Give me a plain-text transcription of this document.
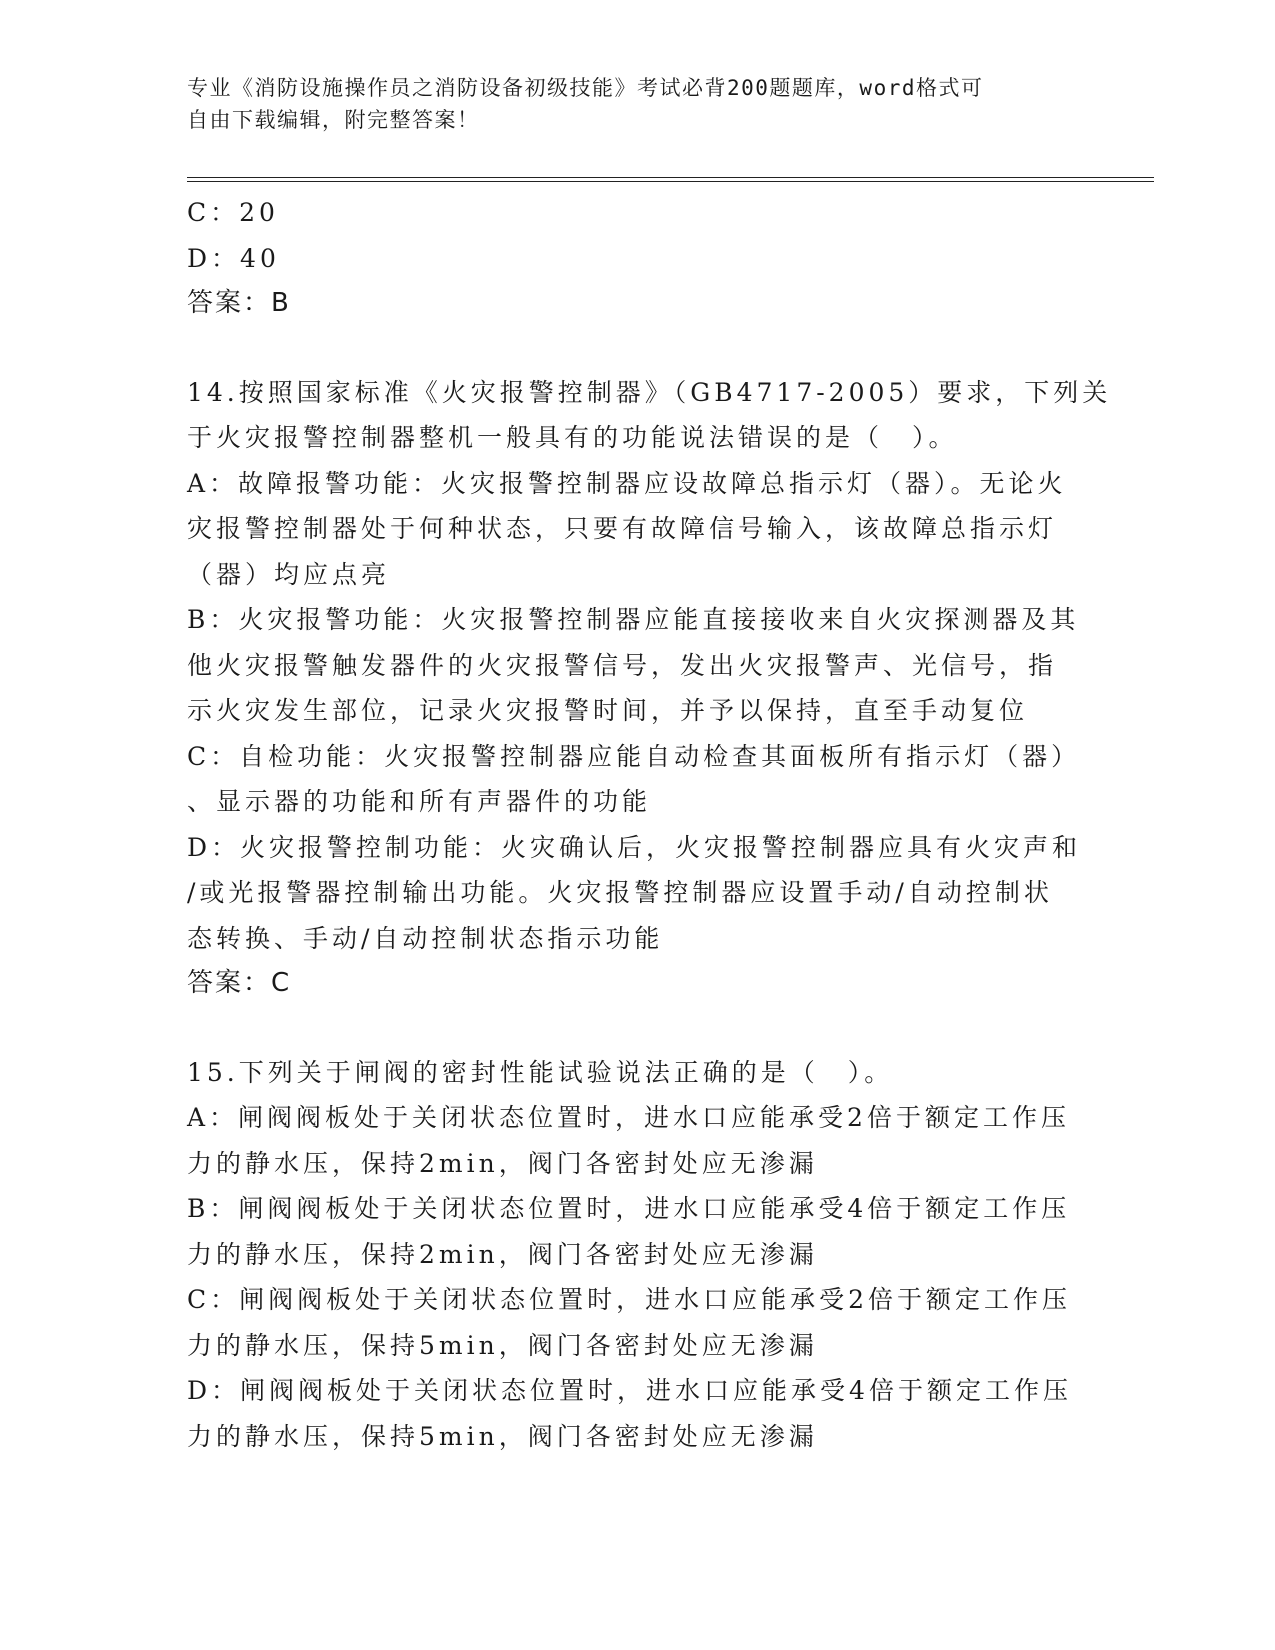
专业《消防设施操作员之消防设备初级技能》考试必背200题题库，word格式可
自由下载编辑，附完整答案！
C：20
D：40
答案：B
14.按照国家标准《火灾报警控制器》（GB4717-2005）要求，下列关
于火灾报警控制器整机一般具有的功能说法错误的是（　）。
A：故障报警功能：火灾报警控制器应设故障总指示灯（器）。无论火
灾报警控制器处于何种状态，只要有故障信号输入，该故障总指示灯
（器）均应点亮
B：火灾报警功能：火灾报警控制器应能直接接收来自火灾探测器及其
他火灾报警触发器件的火灾报警信号，发出火灾报警声、光信号，指
示火灾发生部位，记录火灾报警时间，并予以保持，直至手动复位
C：自检功能：火灾报警控制器应能自动检查其面板所有指示灯（器）
、显示器的功能和所有声器件的功能
D：火灾报警控制功能：火灾确认后，火灾报警控制器应具有火灾声和
/或光报警器控制输出功能。火灾报警控制器应设置手动/自动控制状
态转换、手动/自动控制状态指示功能
答案：C
15.下列关于闸阀的密封性能试验说法正确的是（　）。
A：闸阀阀板处于关闭状态位置时，进水口应能承受2倍于额定工作压
力的静水压，保持2min，阀门各密封处应无渗漏
B：闸阀阀板处于关闭状态位置时，进水口应能承受4倍于额定工作压
力的静水压，保持2min，阀门各密封处应无渗漏
C：闸阀阀板处于关闭状态位置时，进水口应能承受2倍于额定工作压
力的静水压，保持5min，阀门各密封处应无渗漏
D：闸阀阀板处于关闭状态位置时，进水口应能承受4倍于额定工作压
力的静水压，保持5min，阀门各密封处应无渗漏
